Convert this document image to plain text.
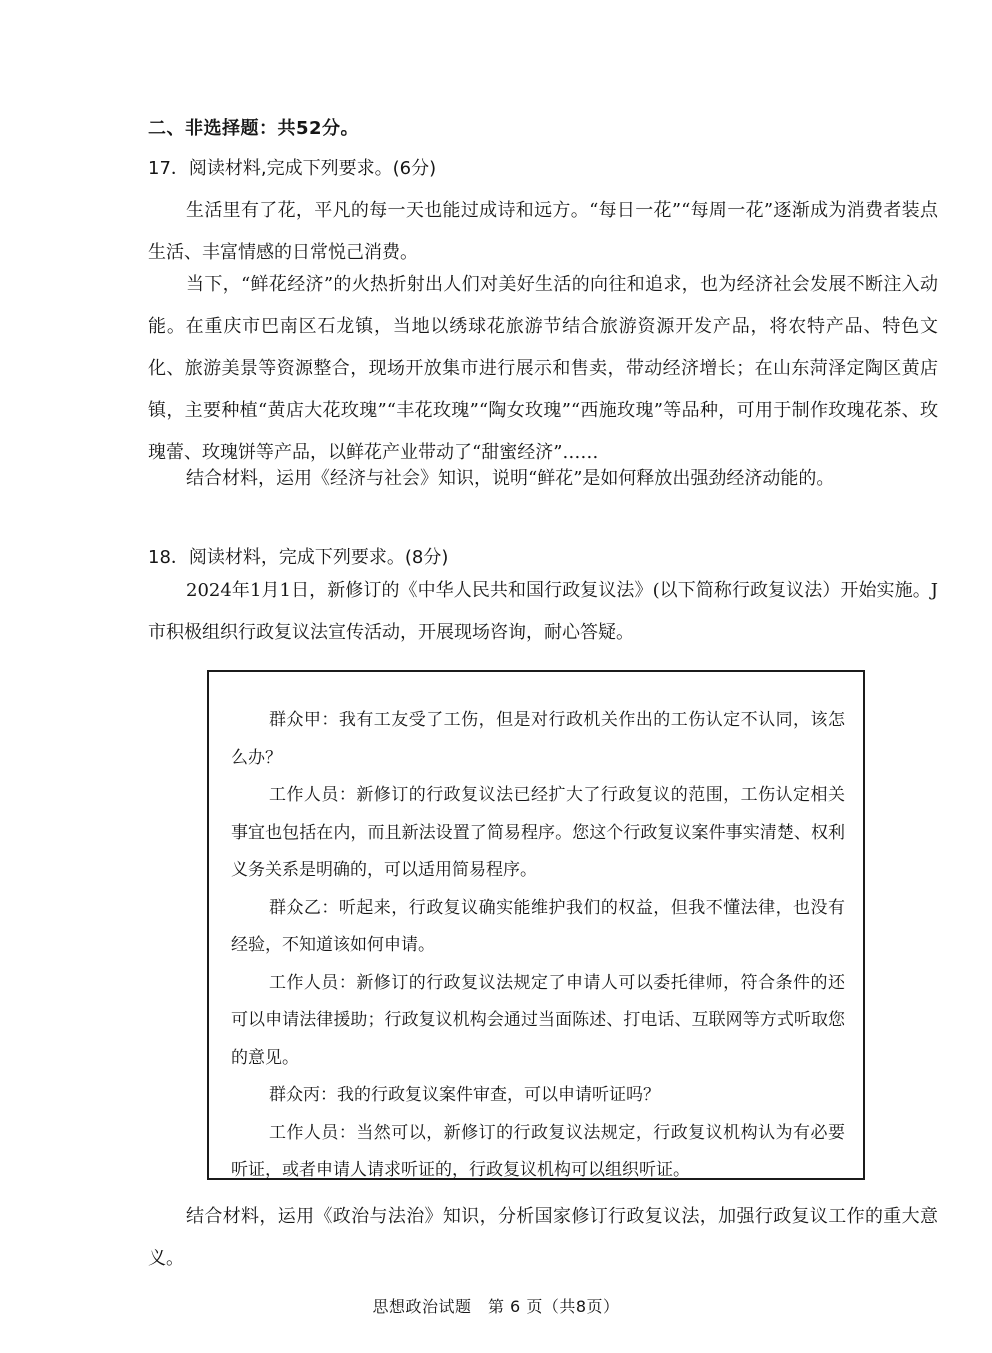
二、非选择题：共52分。
17．阅读材料,完成下列要求。(6分)

生活里有了花，平凡的每一天也能过成诗和远方。“每日一花”“每周一花”逐渐成为消费者装点生活、丰富情感的日常悦己消费。

当下，“鲜花经济”的火热折射出人们对美好生活的向往和追求，也为经济社会发展不断注入动能。在重庆市巴南区石龙镇，当地以绣球花旅游节结合旅游资源开发产品，将农特产品、特色文化、旅游美景等资源整合，现场开放集市进行展示和售卖，带动经济增长；在山东菏泽定陶区黄店镇，主要种植“黄店大花玫瑰”“丰花玫瑰”“陶女玫瑰”“西施玫瑰”等品种，可用于制作玫瑰花茶、玫瑰蕾、玫瑰饼等产品，以鲜花产业带动了“甜蜜经济”……

结合材料，运用《经济与社会》知识，说明“鲜花”是如何释放出强劲经济动能的。

18．阅读材料，完成下列要求。(8分)

2024年1月1日，新修订的《中华人民共和国行政复议法》(以下简称行政复议法）开始实施。J市积极组织行政复议法宣传活动，开展现场咨询，耐心答疑。

群众甲：我有工友受了工伤，但是对行政机关作出的工伤认定不认同，该怎么办？

工作人员：新修订的行政复议法已经扩大了行政复议的范围，工伤认定相关事宜也包括在内，而且新法设置了简易程序。您这个行政复议案件事实清楚、权利义务关系是明确的，可以适用简易程序。

群众乙：听起来，行政复议确实能维护我们的权益，但我不懂法律，也没有经验，不知道该如何申请。

工作人员：新修订的行政复议法规定了申请人可以委托律师，符合条件的还可以申请法律援助；行政复议机构会通过当面陈述、打电话、互联网等方式听取您的意见。

群众丙：我的行政复议案件审查，可以申请听证吗？

工作人员：当然可以，新修订的行政复议法规定，行政复议机构认为有必要听证，或者申请人请求听证的，行政复议机构可以组织听证。

结合材料，运用《政治与法治》知识，分析国家修订行政复议法，加强行政复议工作的重大意义。

思想政治试题　第 6 页（共8页）
